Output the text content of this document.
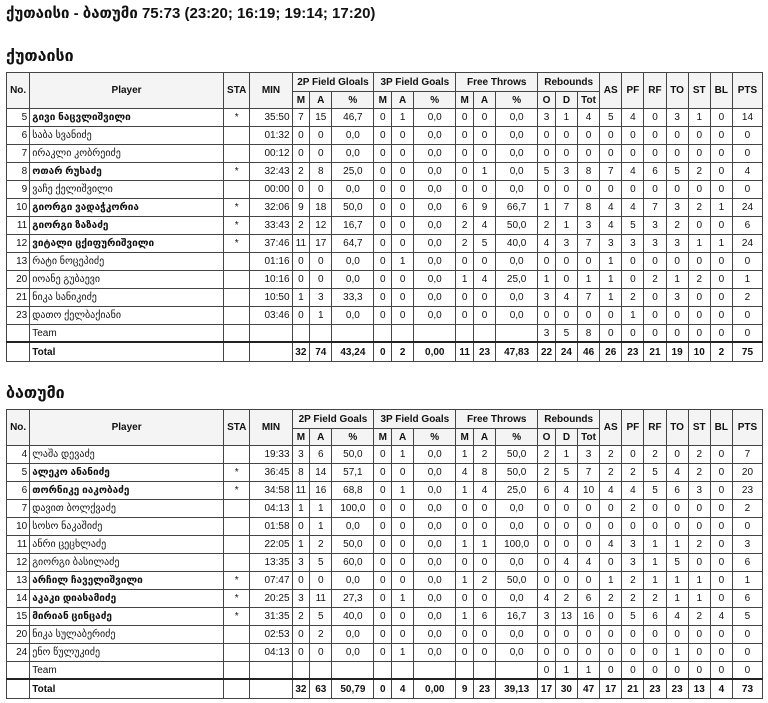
ქუთაისი - ბათუმი 75:73 (23:20; 16:19; 19:14; 17:20)
ქუთაისი
No.	Player	STA	MIN	2P Field Gloals			3P Field Goals			Free Throws			Rebounds			AS	PF	RF	TO	ST	BL	PTS
				M	A	%	M	A	%	M	A	%	O	D	Tot							
5	გივი ნაცვლიშვილი	*	35:50	7	15	46,7	0	1	0,0	0	0	0,0	3	1	4	5	4	0	3	1	0	14
6	საბა სვანიძე		01:32	0	0	0,0	0	0	0,0	0	0	0,0	0	0	0	0	0	0	0	0	0	0
7	ირაკლი კობრეიძე		00:12	0	0	0,0	0	0	0,0	0	0	0,0	0	0	0	0	0	0	0	0	0	0
8	ოთარ რუსაძე	*	32:43	2	8	25,0	0	0	0,0	0	1	0,0	5	3	8	7	4	6	5	2	0	4
9	ვაჩე ქელიშვილი		00:00	0	0	0,0	0	0	0,0	0	0	0,0	0	0	0	0	0	0	0	0	0	0
10	გიორგი ვადაჭკორია	*	32:06	9	18	50,0	0	0	0,0	6	9	66,7	1	7	8	4	4	7	3	2	1	24
11	გიორგი ზაზაძე	*	33:43	2	12	16,7	0	0	0,0	2	4	50,0	2	1	3	4	5	3	2	0	0	6
12	ვიტალი ცქიფურიშვილი	*	37:46	11	17	64,7	0	0	0,0	2	5	40,0	4	3	7	3	3	3	3	1	1	24
13	რატი ნოცეპიძე		01:16	0	0	0,0	0	1	0,0	0	0	0,0	0	0	0	1	0	0	0	0	0	0
20	იოანე გუბაევი		10:16	0	0	0,0	0	0	0,0	1	4	25,0	1	0	1	1	0	2	1	2	0	1
21	ნიკა სანიკიძე		10:50	1	3	33,3	0	0	0,0	0	0	0,0	3	4	7	1	2	0	3	0	0	2
23	დათო ქელბაქიანი		03:46	0	1	0,0	0	0	0,0	0	0	0,0	0	0	0	0	1	0	0	0	0	0
	Team												3	5	8	0	0	0	0	0	0	0
	Total			32	74	43,24	0	2	0,00	11	23	47,83	22	24	46	26	23	21	19	10	2	75
ბათუმი
No.	Player	STA	MIN	2P Field Goals			3P Field Goals			Free Throws			Rebounds			AS	PF	RF	TO	ST	BL	PTS
				M	A	%	M	A	%	M	A	%	O	D	Tot							
4	ლაშა დევაძე		19:33	3	6	50,0	0	1	0,0	1	2	50,0	2	1	3	2	0	2	0	2	0	7
5	ალეკო ანანიძე	*	36:45	8	14	57,1	0	0	0,0	4	8	50,0	2	5	7	2	2	5	4	2	0	20
6	თორნიკე იაკობაძე	*	34:58	11	16	68,8	0	1	0,0	1	4	25,0	6	4	10	4	4	5	6	3	0	23
7	დავით ბოლქვაძე		04:13	1	1	100,0	0	0	0,0	0	0	0,0	0	0	0	0	2	0	0	0	0	2
10	სოსო ნაკაშიძე		01:58	0	1	0,0	0	0	0,0	0	0	0,0	0	0	0	0	0	0	0	0	0	0
11	ანრი ცეცხლაძე		22:05	1	2	50,0	0	0	0,0	1	1	100,0	0	0	0	4	3	1	1	2	0	3
12	გიორგი ბასილაძე		13:35	3	5	60,0	0	0	0,0	0	0	0,0	0	4	4	0	3	1	5	0	0	6
13	არჩილ ჩაველიშვილი	*	07:47	0	0	0,0	0	0	0,0	1	2	50,0	0	0	0	1	2	1	1	1	0	1
14	აკაკი დიასამიძე	*	20:25	3	11	27,3	0	1	0,0	0	0	0,0	4	2	6	2	2	2	1	1	0	6
15	მირიან ცინცაძე	*	31:35	2	5	40,0	0	0	0,0	1	6	16,7	3	13	16	0	5	6	4	2	4	5
20	ნიკა სულაბერიძე		02:53	0	2	0,0	0	0	0,0	0	0	0,0	0	0	0	0	0	0	0	0	0	0
24	ენო წულუკიძე		04:13	0	0	0,0	0	1	0,0	0	0	0,0	0	0	0	0	0	0	1	0	0	0
	Team												0	1	1	0	0	0	0	0	0	0
	Total			32	63	50,79	0	4	0,00	9	23	39,13	17	30	47	17	21	23	23	13	4	73
